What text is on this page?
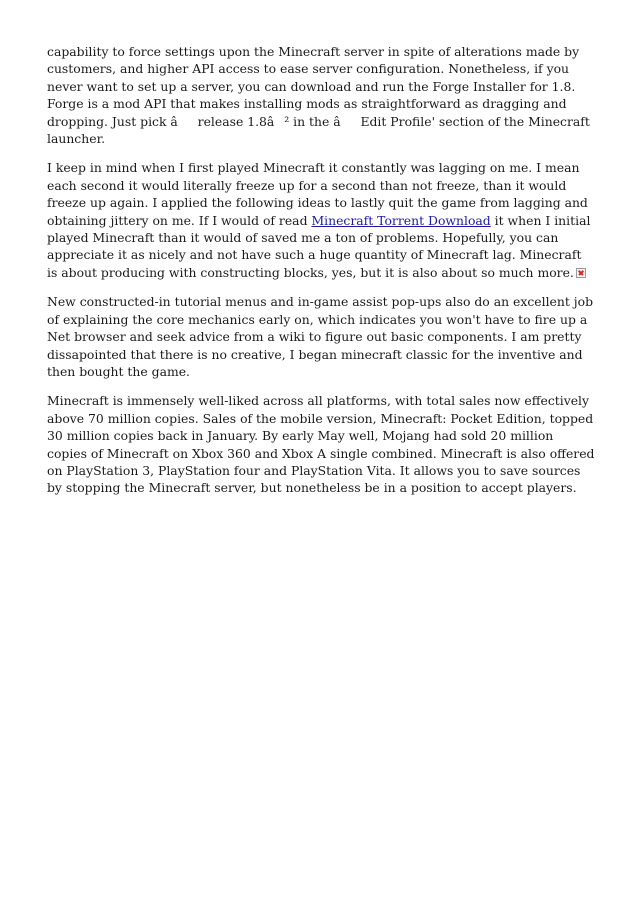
capability to force settings upon the Minecraft server in spite of alterations made by customers, and higher API access to ease server configuration. Nonetheless, if you never want to set up a server, you can download and run the Forge Installer for 1.8. Forge is a mod API that makes installing mods as straightforward as dragging and dropping. Just pick ârelease 1.8â² in the âEdit Profile' section of the Minecraft launcher.

I keep in mind when I first played Minecraft it constantly was lagging on me. I mean each second it would literally freeze up for a second than not freeze, than it would freeze up again. I applied the following ideas to lastly quit the game from lagging and obtaining jittery on me. If I would of read Minecraft Torrent Download it when I initial played Minecraft than it would of saved me a ton of problems. Hopefully, you can appreciate it as nicely and not have such a huge quantity of Minecraft lag. Minecraft is about producing with constructing blocks, yes, but it is also about so much more.

New constructed-in tutorial menus and in-game assist pop-ups also do an excellent job of explaining the core mechanics early on, which indicates you won't have to fire up a Net browser and seek advice from a wiki to figure out basic components. I am pretty dissapointed that there is no creative, I began minecraft classic for the inventive and then bought the game.

Minecraft is immensely well-liked across all platforms, with total sales now effectively above 70 million copies. Sales of the mobile version, Minecraft: Pocket Edition, topped 30 million copies back in January. By early May well, Mojang had sold 20 million copies of Minecraft on Xbox 360 and Xbox A single combined. Minecraft is also offered on PlayStation 3, PlayStation four and PlayStation Vita. It allows you to save sources by stopping the Minecraft server, but nonetheless be in a position to accept players.
